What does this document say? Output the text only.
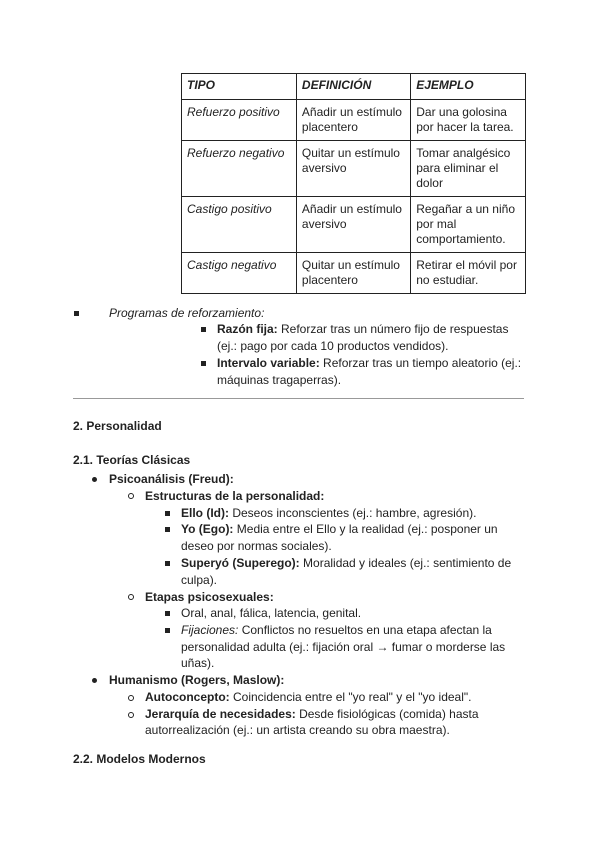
TIPO	DEFINICIÓN	EJEMPLO
Refuerzo positivo	Añadir un estímulo placentero	Dar una golosina por hacer la tarea.
Refuerzo negativo	Quitar un estímulo aversivo	Tomar analgésico para eliminar el dolor
Castigo positivo	Añadir un estímulo aversivo	Regañar a un niño por mal comportamiento.
Castigo negativo	Quitar un estímulo placentero	Retirar el móvil por no estudiar.
Programas de reforzamiento:
Razón fija: Reforzar tras un número fijo de respuestas
(ej.: pago por cada 10 productos vendidos).
Intervalo variable: Reforzar tras un tiempo aleatorio (ej.:
máquinas tragaperras).
2. Personalidad
2.1. Teorías Clásicas
Psicoanálisis (Freud):
Estructuras de la personalidad:
Ello (Id): Deseos inconscientes (ej.: hambre, agresión).
Yo (Ego): Media entre el Ello y la realidad (ej.: posponer un
deseo por normas sociales).
Superyó (Superego): Moralidad y ideales (ej.: sentimiento de
culpa).
Etapas psicosexuales:
Oral, anal, fálica, latencia, genital.
Fijaciones: Conflictos no resueltos en una etapa afectan la
personalidad adulta (ej.: fijación oral → fumar o morderse las
uñas).
Humanismo (Rogers, Maslow):
Autoconcepto: Coincidencia entre el "yo real" y el "yo ideal".
Jerarquía de necesidades: Desde fisiológicas (comida) hasta
autorrealización (ej.: un artista creando su obra maestra).
2.2. Modelos Modernos
